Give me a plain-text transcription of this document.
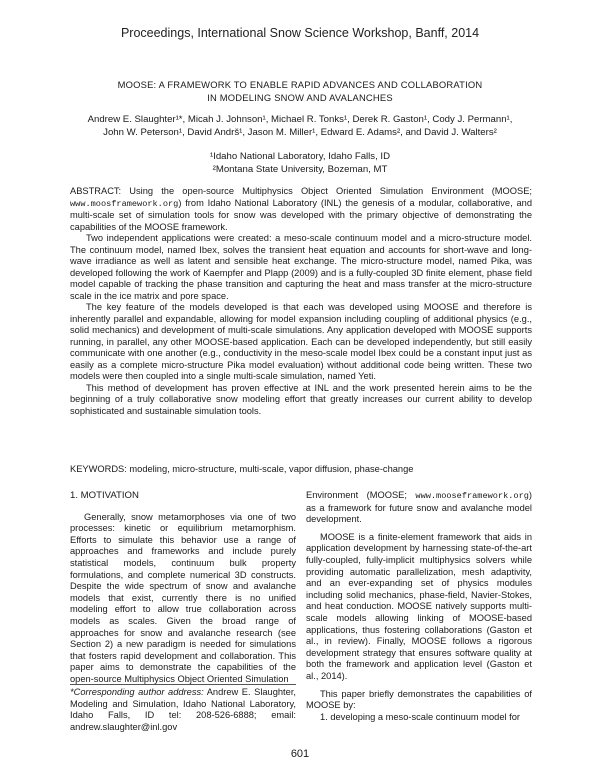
Proceedings, International Snow Science Workshop, Banff, 2014
MOOSE: A FRAMEWORK TO ENABLE RAPID ADVANCES AND COLLABORATION
IN MODELING SNOW AND AVALANCHES
Andrew E. Slaughter¹*, Micah J. Johnson¹, Michael R. Tonks¹, Derek R. Gaston¹, Cody J. Permann¹,
John W. Peterson¹, David Andrš¹, Jason M. Miller¹, Edward E. Adams², and David J. Walters²
¹Idaho National Laboratory, Idaho Falls, ID
²Montana State University, Bozeman, MT

ABSTRACT: Using the open-source Multiphysics Object Oriented Simulation Environment (MOOSE; www.moosframework.org) from Idaho National Laboratory (INL) the genesis of a modular, collaborative, and multi-scale set of simulation tools for snow was developed with the primary objective of demonstrating the capabilities of the MOOSE framework.

Two independent applications were created: a meso-scale continuum model and a micro-structure model. The continuum model, named Ibex, solves the transient heat equation and accounts for short-wave and long-wave irradiance as well as latent and sensible heat exchange. The micro-structure model, named Pika, was developed following the work of Kaempfer and Plapp (2009) and is a fully-coupled 3D finite element, phase field model capable of tracking the phase transition and capturing the heat and mass transfer at the micro-structure scale in the ice matrix and pore space.

The key feature of the models developed is that each was developed using MOOSE and therefore is inherently parallel and expandable, allowing for model expansion including coupling of additional physics (e.g., solid mechanics) and development of multi-scale simulations. Any application developed with MOOSE supports running, in parallel, any other MOOSE-based application. Each can be developed independently, but still easily communicate with one another (e.g., conductivity in the meso-scale model Ibex could be a constant input just as easily as a complete micro-structure Pika model evaluation) without additional code being written. These two models were then coupled into a single multi-scale simulation, named Yeti.

This method of development has proven effective at INL and the work presented herein aims to be the beginning of a truly collaborative snow modeling effort that greatly increases our current ability to develop sophisticated and sustainable simulation tools.

KEYWORDS: modeling, micro-structure, multi-scale, vapor diffusion, phase-change
1. MOTIVATION

Generally, snow metamorphoses via one of two processes: kinetic or equilibrium metamorphism. Efforts to simulate this behavior use a range of approaches and frameworks and include purely statistical models, continuum bulk property formulations, and complete numerical 3D constructs. Despite the wide spectrum of snow and avalanche models that exist, currently there is no unified modeling effort to allow true collaboration across models as scales. Given the broad range of approaches for snow and avalanche research (see Section 2) a new paradigm is needed for simulations that fosters rapid development and collaboration. This paper aims to demonstrate the capabilities of the open-source Multiphysics Object Oriented Simulation

Environment (MOOSE; www.mooseframework.org) as a framework for future snow and avalanche model development.

MOOSE is a finite-element framework that aids in application development by harnessing state-of-the-art fully-coupled, fully-implicit multiphysics solvers while providing automatic parallelization, mesh adaptivity, and an ever-expanding set of physics modules including solid mechanics, phase-field, Navier-Stokes, and heat conduction. MOOSE natively supports multi-scale models allowing linking of MOOSE-based applications, thus fostering collaborations (Gaston et al., in review). Finally, MOOSE follows a rigorous development strategy that ensures software quality at both the framework and application level (Gaston et al., 2014).

This paper briefly demonstrates the capabilities of MOOSE by:

1. developing a meso-scale continuum model for

*Corresponding author address: Andrew E. Slaughter, Modeling and Simulation, Idaho National Laboratory, Idaho Falls, ID tel: 208-526-6888; email: andrew.slaughter@inl.gov
601
